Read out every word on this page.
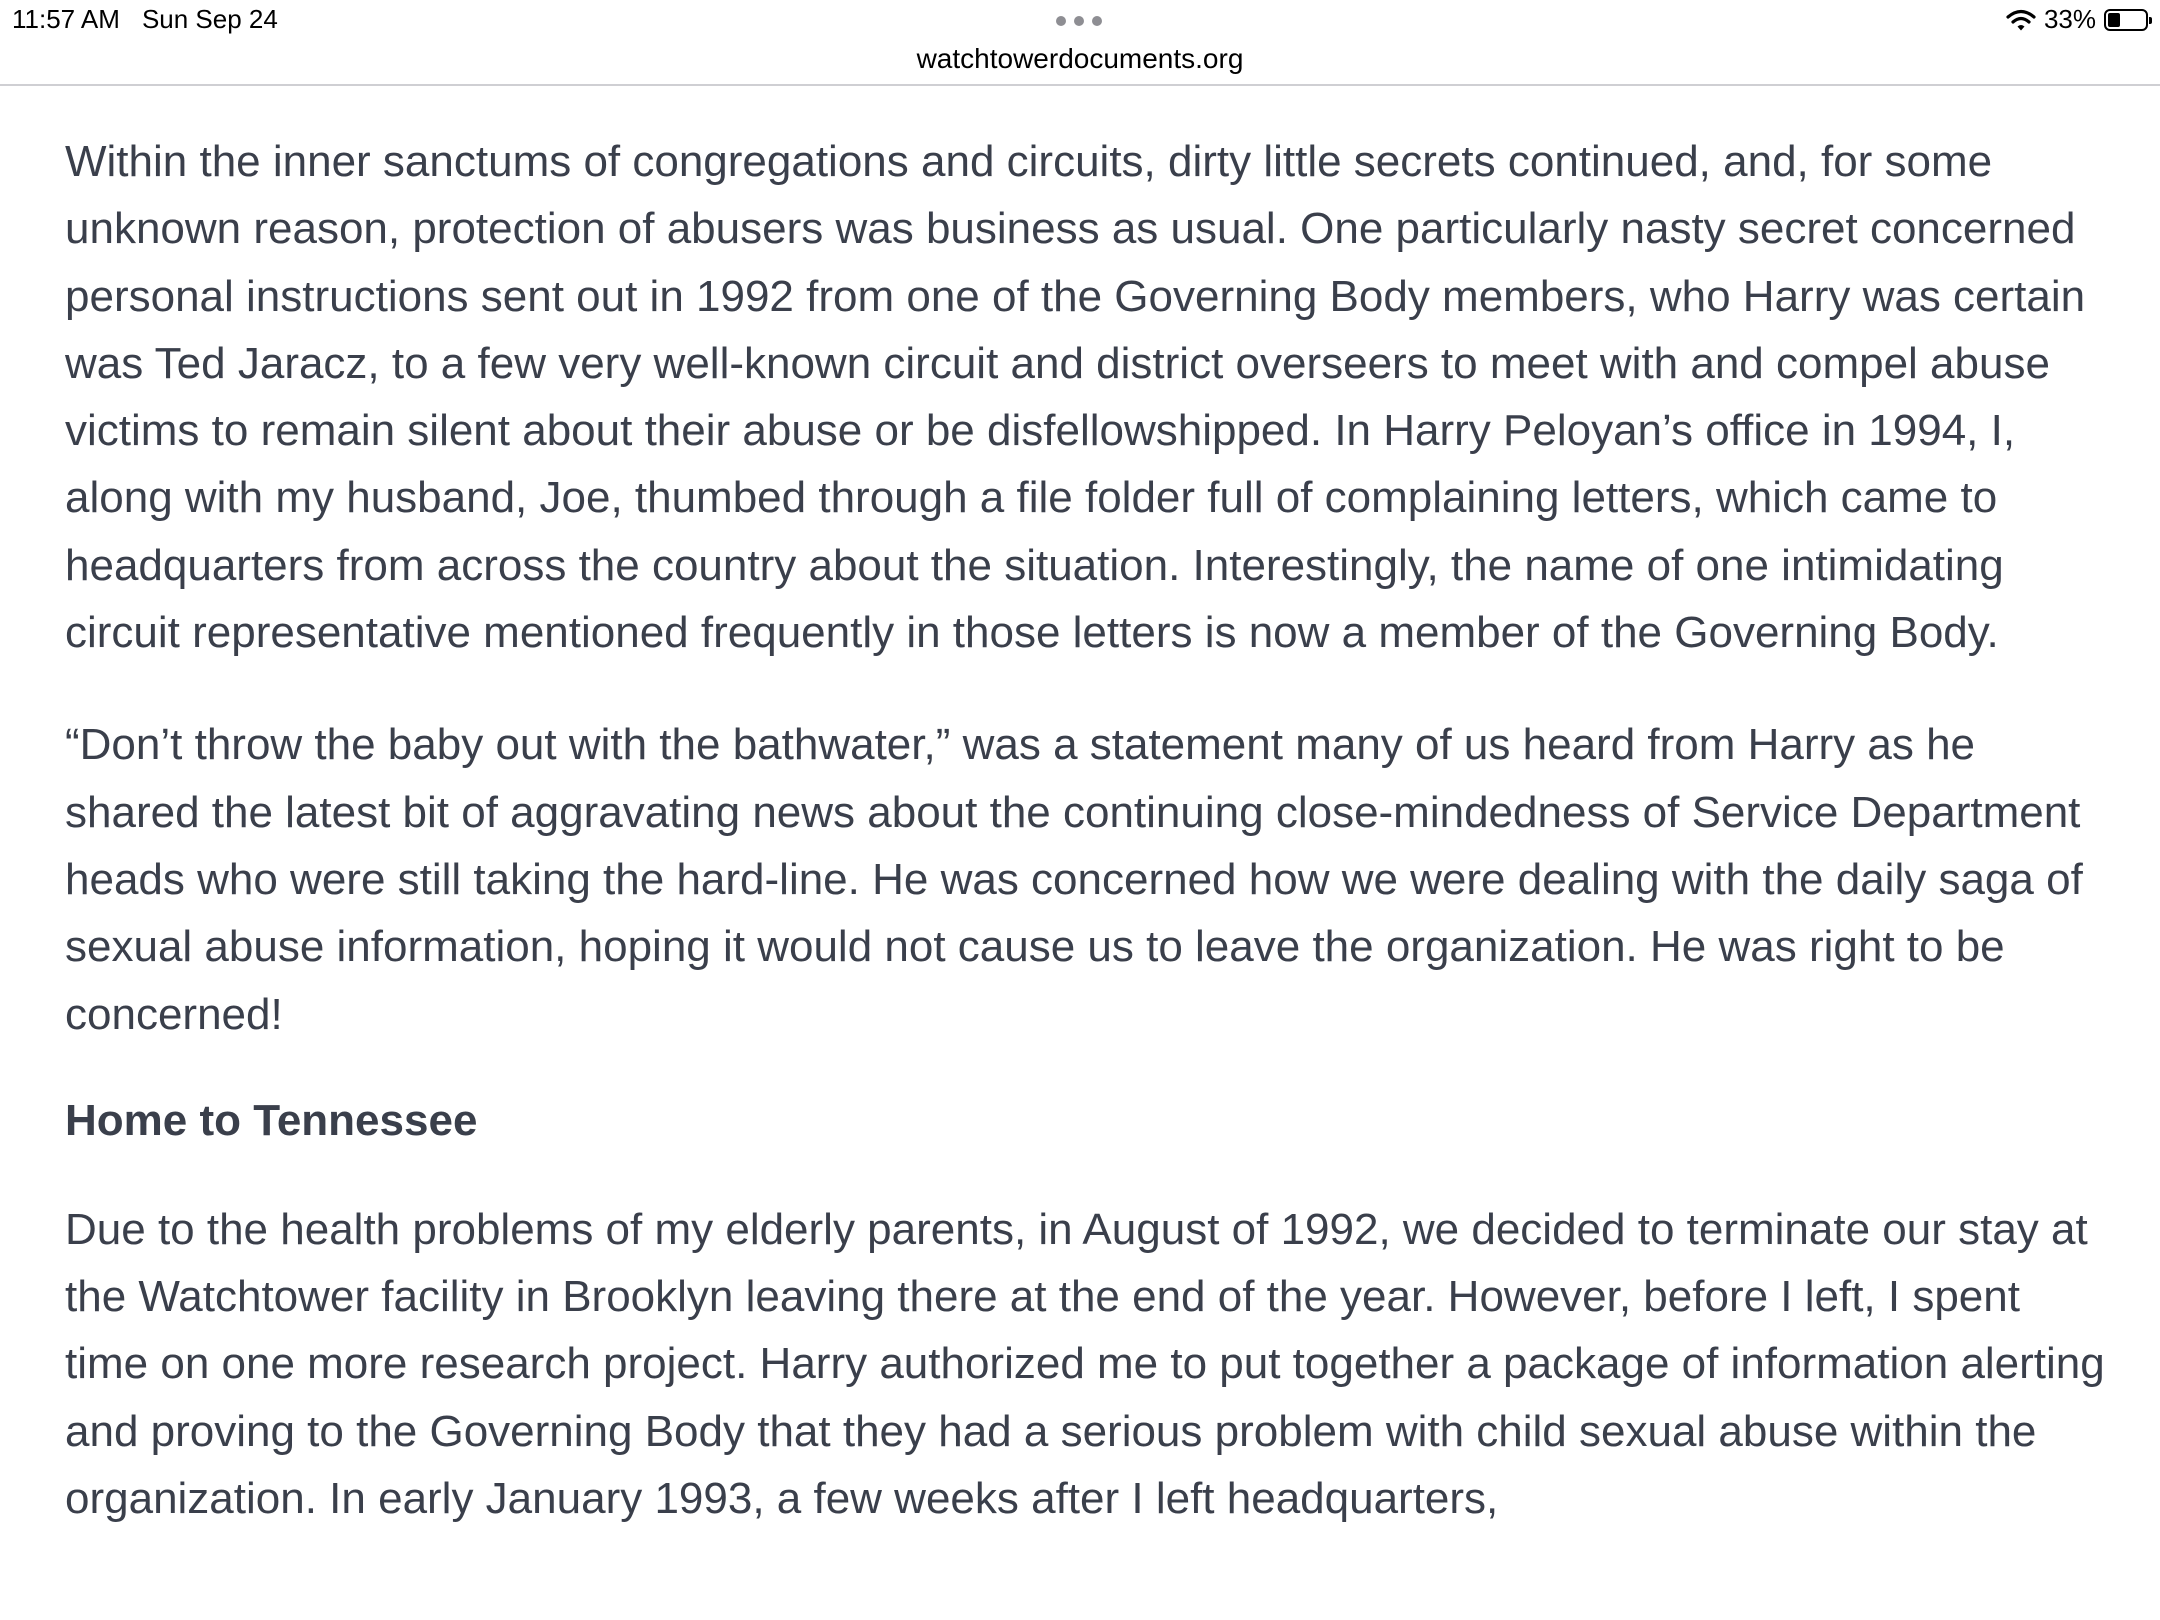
11:57 AM Sun Sep 24	33%
watchtowerdocuments.org

Within the inner sanctums of congregations and circuits, dirty little secrets continued, and, for some unknown reason, protection of abusers was business as usual. One particularly nasty secret concerned personal instructions sent out in 1992 from one of the Governing Body members, who Harry was certain was Ted Jaracz, to a few very well-known circuit and district overseers to meet with and compel abuse victims to remain silent about their abuse or be disfellowshipped. In Harry Peloyan’s office in 1994, I, along with my husband, Joe, thumbed through a file folder full of complaining letters, which came to headquarters from across the country about the situation. Interestingly, the name of one intimidating circuit representative mentioned frequently in those letters is now a member of the Governing Body.

“Don’t throw the baby out with the bathwater,” was a statement many of us heard from Harry as he shared the latest bit of aggravating news about the continuing close-mindedness of Service Department heads who were still taking the hard-line. He was concerned how we were dealing with the daily saga of sexual abuse information, hoping it would not cause us to leave the organization. He was right to be concerned!

Home to Tennessee

Due to the health problems of my elderly parents, in August of 1992, we decided to terminate our stay at the Watchtower facility in Brooklyn leaving there at the end of the year. However, before I left, I spent time on one more research project. Harry authorized me to put together a package of information alerting and proving to the Governing Body that they had a serious problem with child sexual abuse within the organization. In early January 1993, a few weeks after I left headquarters,
